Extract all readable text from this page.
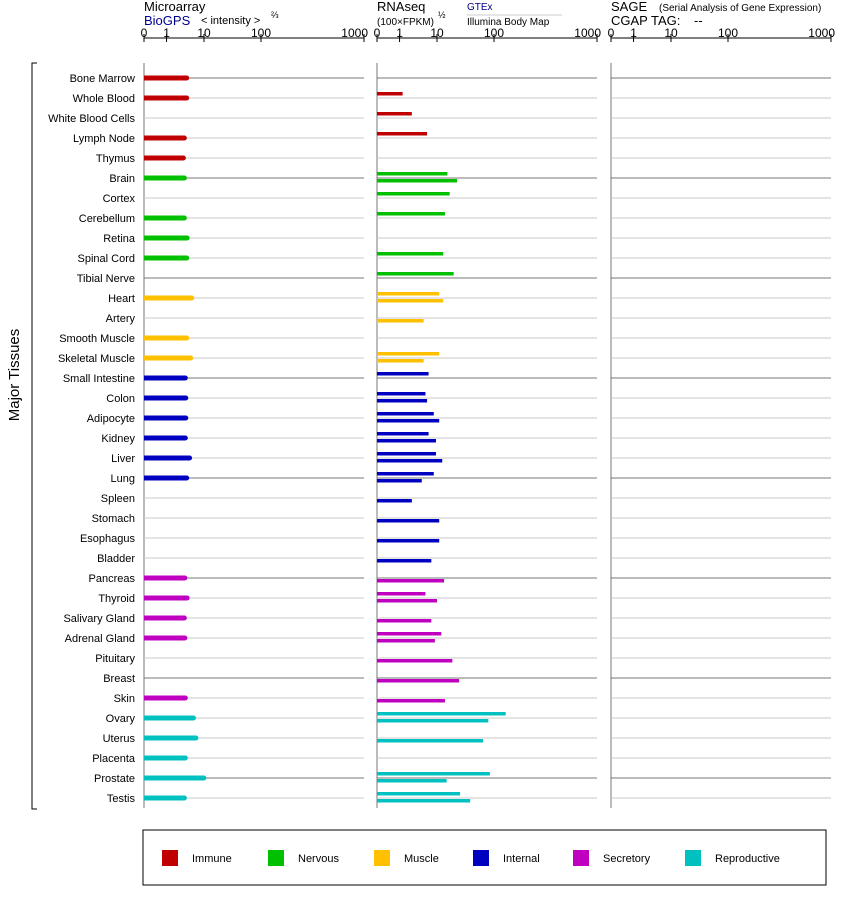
Major Tissues
Microarray
BioGPS < intensity > ⅔
RNAseq
(100×FPKM)
½
GTEx
Illumina Body Map
SAGE (Serial Analysis of Gene Expression)
CGAP TAG: --
0 1 10	100	1000 0 1 10	100	1000 0 1 10	100	1000
Bone Marrow
Whole Blood
White Blood Cells
Lymph Node
Thymus
Brain
Cortex
Cerebellum
Retina
Spinal Cord
Tibial Nerve
Heart
Artery
Smooth Muscle
Skeletal Muscle
Small Intestine
Colon
Adipocyte
Kidney
Liver
Lung
Spleen
Stomach
Esophagus
Bladder
Pancreas
Thyroid
Salivary Gland
Adrenal Gland
Pituitary
Breast
Skin
Ovary
Uterus
Placenta
Prostate
Testis
Immune	Nervous	Muscle	Internal	Secretory	Reproductive
